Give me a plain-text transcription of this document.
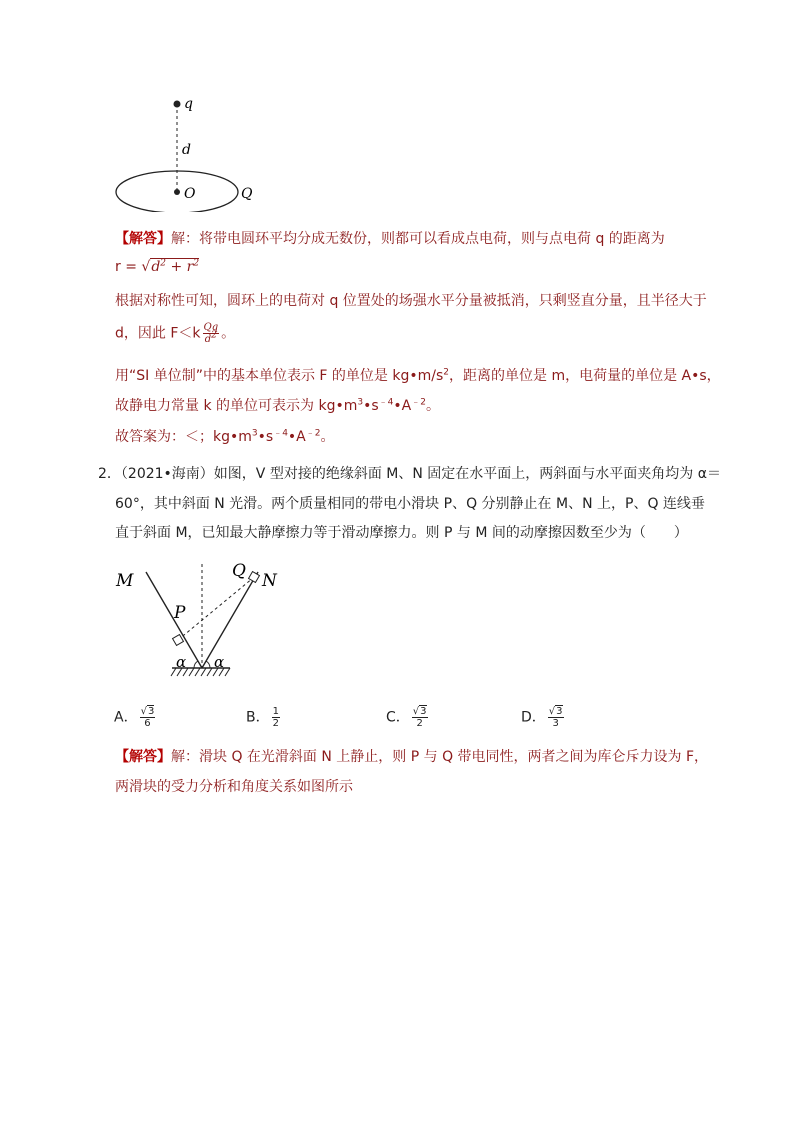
q
d
O	Q
【解答】解：将带电圆环平均分成无数份，则都可以看成点电荷，则与点电荷 q 的距离为
$r = √d^2 + r^2$
根据对称性可知，圆环上的电荷对 q 位置处的场强水平分量被抵消，只剩竖直分量，且半径大于
d，因此 $F<k \frac{Qq}{d^2}$ 。
用“SI 单位制”中的基本单位表示 F 的单位是 $kg•m/s^2$，距离的单位是 m，电荷量的单位是 A•s，
故静电力常量 k 的单位可表示为 $kg•m^3•s^{﹣4}•A^{﹣2}$。
故答案为：＜；$kg•m^3•s^{﹣4}•A^{﹣2}$。
2．（2021•海南）如图，V 型对接的绝缘斜面 M、N 固定在水平面上，两斜面与水平面夹角均为 α＝
60°，其中斜面 N 光滑。两个质量相同的带电小滑块 P、Q 分别静止在 M、N 上，P、Q 连线垂
直于斜面 M，已知最大静摩擦力等于滑动摩擦力。则 P 与 M 间的动摩擦因数至少为（　　）
M	N
P
Q
α α
A． $\frac{√3}{6}$	B． $\frac{1}{2}$	C． $\frac{√3}{2}$	D． $\frac{√3}{3}$
【解答】解：滑块 Q 在光滑斜面 N 上静止，则 P 与 Q 带电同性，两者之间为库仑斥力设为 F，
两滑块的受力分析和角度关系如图所示
